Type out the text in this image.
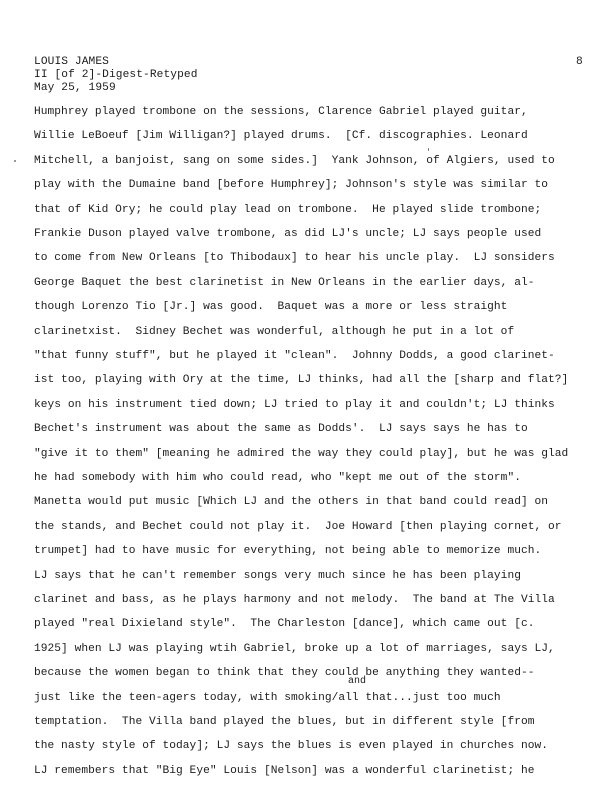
LOUIS JAMES
II [of 2]-Digest-Retyped
May 25, 1959
8
Humphrey played trombone on the sessions, Clarence Gabriel played guitar,
Willie LeBoeuf [Jim Willigan?] played drums.  [Cf. discographies. Leonard
Mitchell, a banjoist, sang on some sides.]  Yank Johnson, of Algiers, used to
play with the Dumaine band [before Humphrey]; Johnson's style was similar to
that of Kid Ory; he could play lead on trombone.  He played slide trombone;
Frankie Duson played valve trombone, as did LJ's uncle; LJ says people used
to come from New Orleans [to Thibodaux] to hear his uncle play.  LJ sonsiders
George Baquet the best clarinetist in New Orleans in the earlier days, al-
though Lorenzo Tio [Jr.] was good.  Baquet was a more or less straight
clarinetxist.  Sidney Bechet was wonderful, although he put in a lot of
"that funny stuff", but he played it "clean".  Johnny Dodds, a good clarinet-
ist too, playing with Ory at the time, LJ thinks, had all the [sharp and flat?]
keys on his instrument tied down; LJ tried to play it and couldn't; LJ thinks
Bechet's instrument was about the same as Dodds'.  LJ says says he has to
"give it to them" [meaning he admired the way they could play], but he was glad
he had somebody with him who could read, who "kept me out of the storm".
Manetta would put music [Which LJ and the others in that band could read] on
the stands, and Bechet could not play it.  Joe Howard [then playing cornet, or
trumpet] had to have music for everything, not being able to memorize much.
LJ says that he can't remember songs very much since he has been playing
clarinet and bass, as he plays harmony and not melody.  The band at The Villa
played "real Dixieland style".  The Charleston [dance], which came out [c.
1925] when LJ was playing wtih Gabriel, broke up a lot of marriages, says LJ,
because the women began to think that they could be anything they wanted--
and
just like the teen-agers today, with smoking/all that...just too much
temptation.  The Villa band played the blues, but in different style [from
the nasty style of today]; LJ says the blues is even played in churches now.
LJ remembers that "Big Eye" Louis [Nelson] was a wonderful clarinetist; he
